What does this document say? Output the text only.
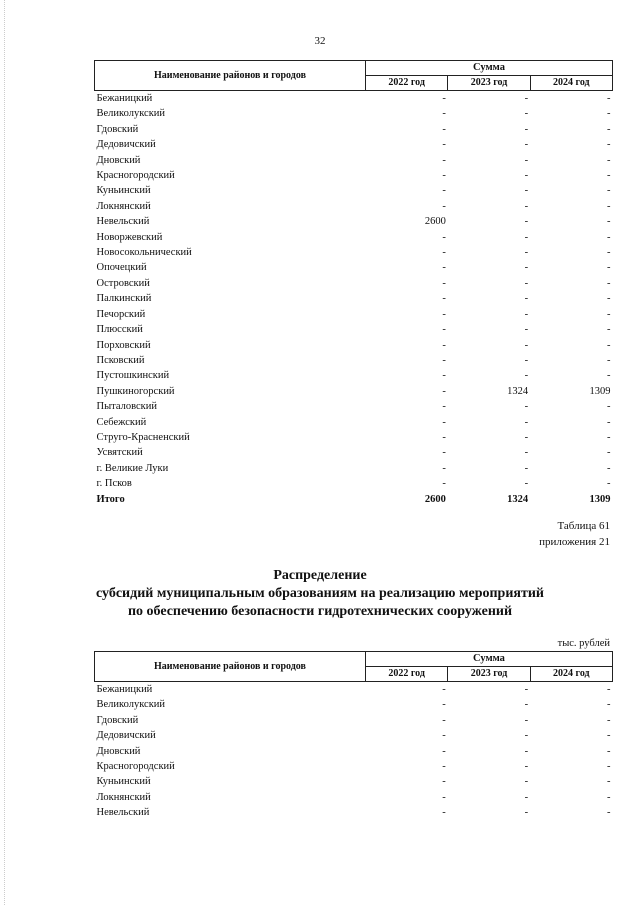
32
Наименование районов и городов	Сумма		
	2022 год	2023 год	2024 год
Бежаницкий	-	-	-
Великолукский	-	-	-
Гдовский	-	-	-
Дедовичский	-	-	-
Дновский	-	-	-
Красногородский	-	-	-
Куньинский	-	-	-
Локнянский	-	-	-
Невельский	2600	-	-
Новоржевский	-	-	-
Новосокольнический	-	-	-
Опочецкий	-	-	-
Островский	-	-	-
Палкинский	-	-	-
Печорский	-	-	-
Плюсский	-	-	-
Порховский	-	-	-
Псковский	-	-	-
Пустошкинский	-	-	-
Пушкиногорский	-	1324	1309
Пыталовский	-	-	-
Себежский	-	-	-
Струго-Красненский	-	-	-
Усвятский	-	-	-
г. Великие Луки	-	-	-
г. Псков	-	-	-
Итого	2600	1324	1309
Таблица 61
приложения 21
Распределение
субсидий муниципальным образованиям на реализацию мероприятий
по обеспечению безопасности гидротехнических сооружений
тыс. рублей
Наименование районов и городов	Сумма		
	2022 год	2023 год	2024 год
Бежаницкий	-	-	-
Великолукский	-	-	-
Гдовский	-	-	-
Дедовичский	-	-	-
Дновский	-	-	-
Красногородский	-	-	-
Куньинский	-	-	-
Локнянский	-	-	-
Невельский	-	-	-
